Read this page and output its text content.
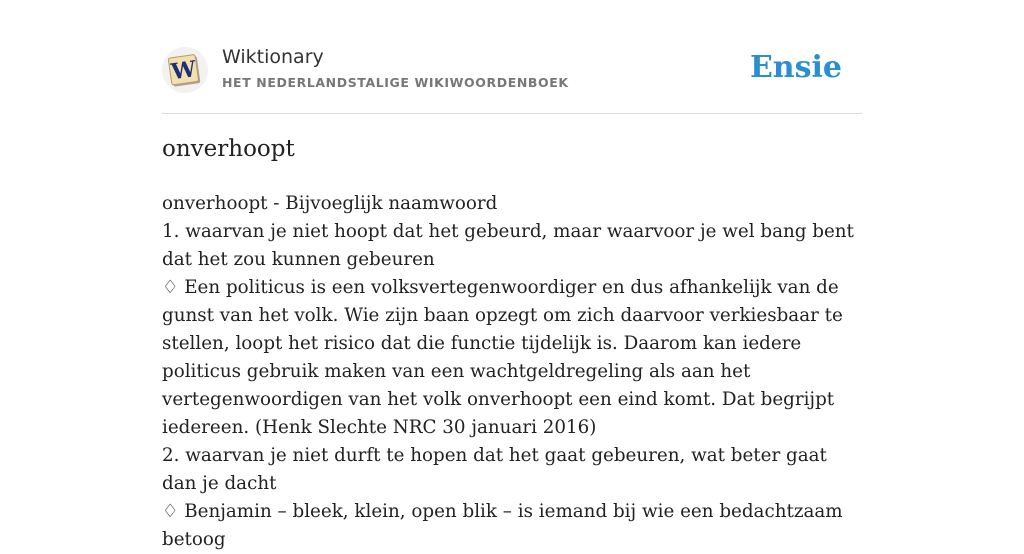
W Wiktionary
HET NEDERLANDSTALIGE WIKIWOORDENBOEK	Ensie
onverhoopt
onverhoopt - Bijvoeglijk naamwoord
1. waarvan je niet hoopt dat het gebeurd, maar waarvoor je wel bang bent dat het zou kunnen gebeuren
♢ Een politicus is een volksvertegenwoordiger en dus afhankelijk van de gunst van het volk. Wie zijn baan opzegt om zich daarvoor verkiesbaar te stellen, loopt het risico dat die functie tijdelijk is. Daarom kan iedere politicus gebruik maken van een wachtgeldregeling als aan het vertegenwoordigen van het volk onverhoopt een eind komt. Dat begrijpt iedereen. (Henk Slechte NRC 30 januari 2016)
2. waarvan je niet durft te hopen dat het gaat gebeuren, wat beter gaat dan je dacht
♢ Benjamin – bleek, klein, open blik – is iemand bij wie een bedachtzaam betoog
